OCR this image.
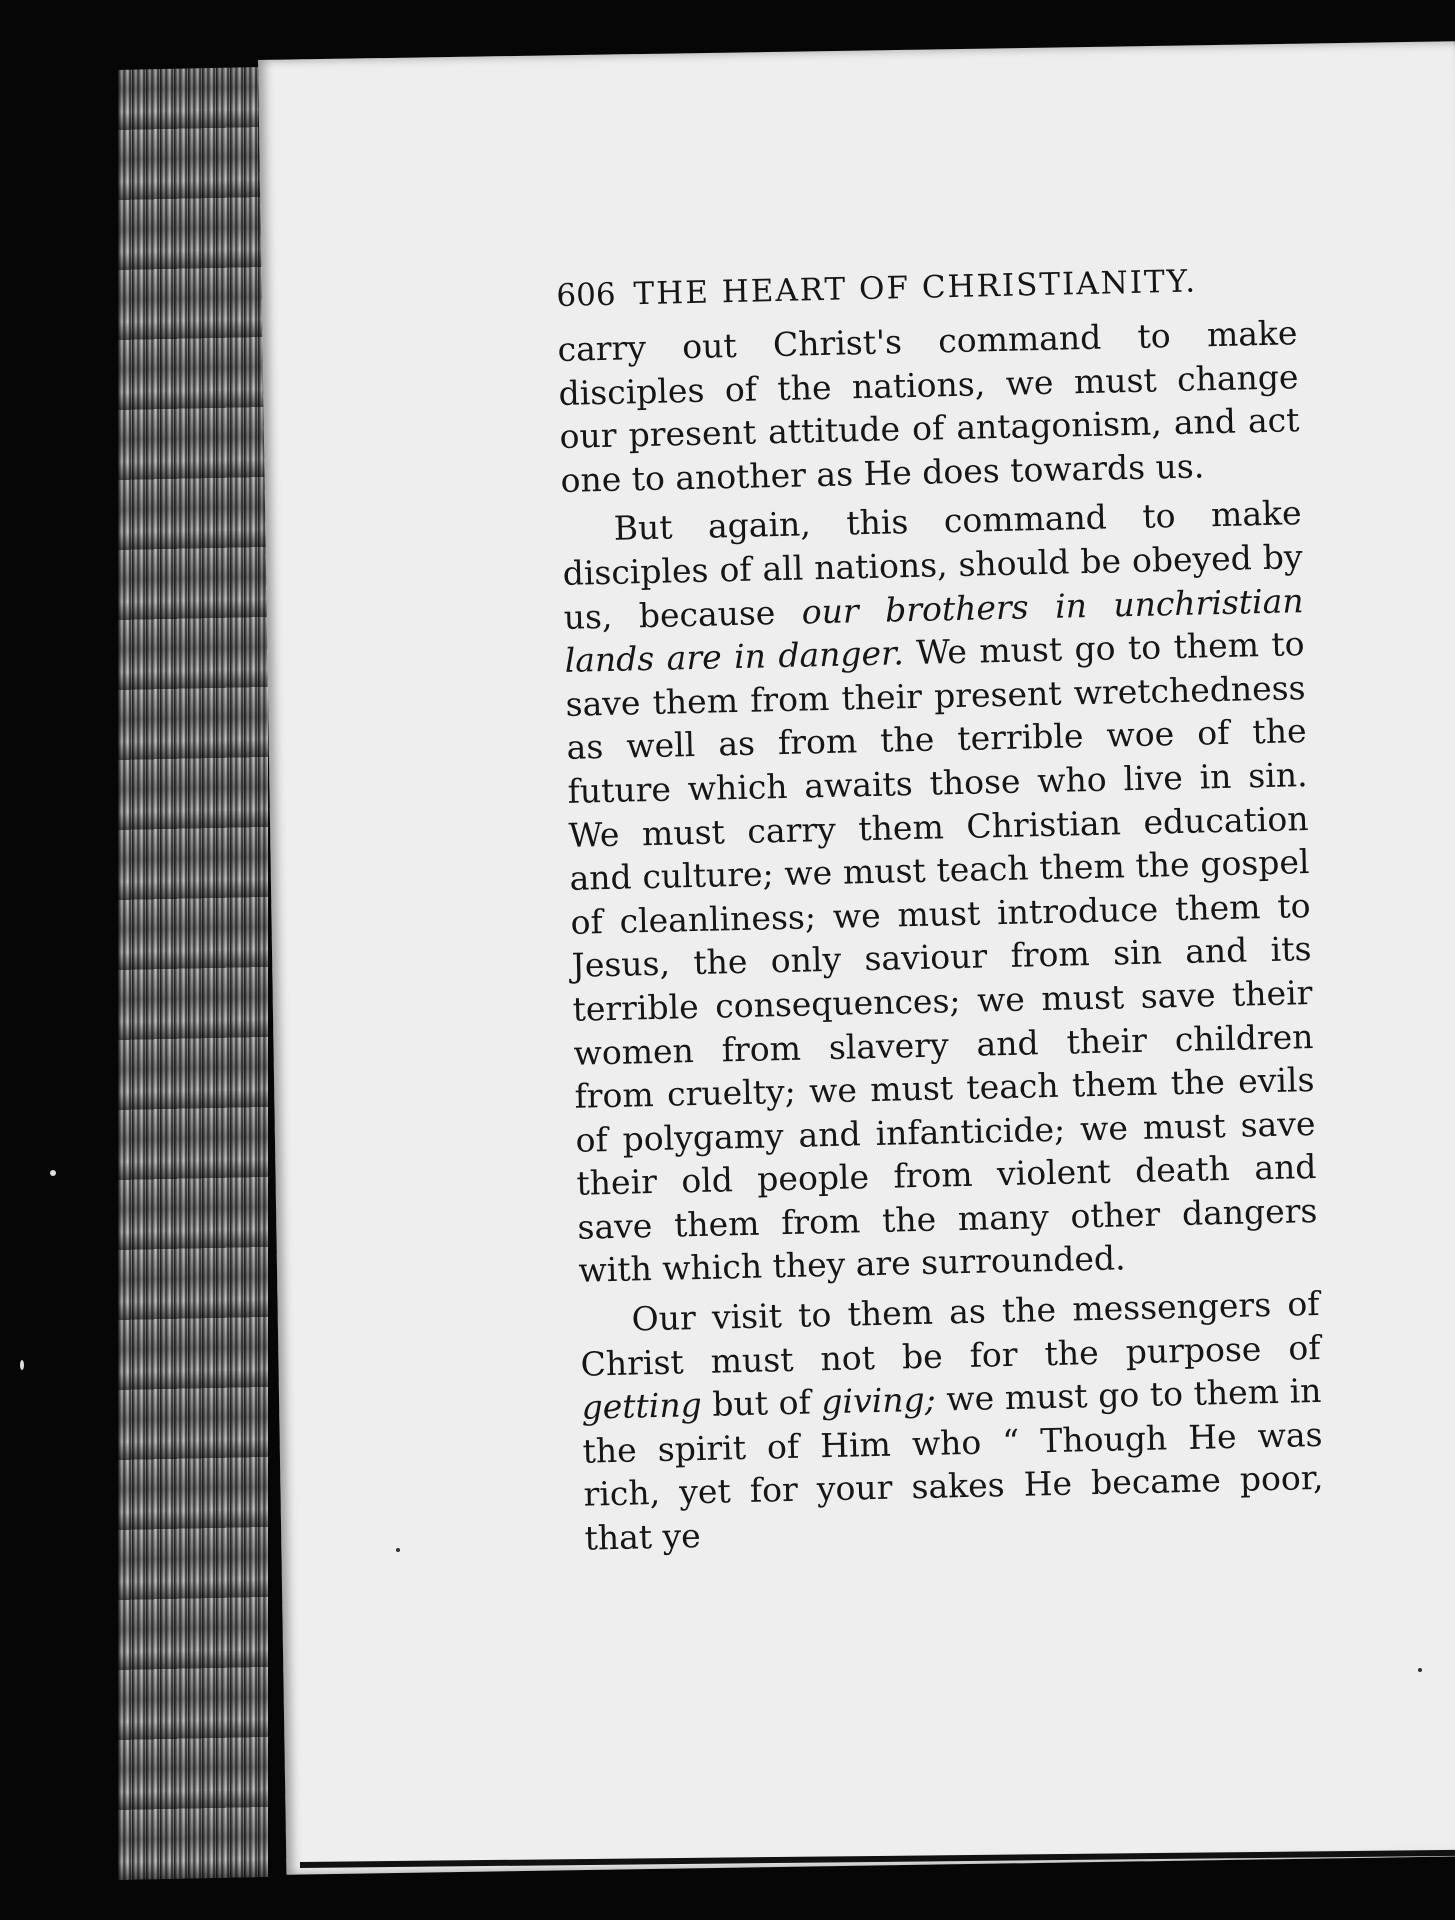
606 THE HEART OF CHRISTIANITY.

carry out Christ's command to make disciples of the nations, we must change our present attitude of antagonism, and act one to another as He does towards us.

But again, this command to make disciples of all nations, should be obeyed by us, because our brothers in unchristian lands are in danger. We must go to them to save them from their present wretchedness as well as from the terrible woe of the future which awaits those who live in sin. We must carry them Christian education and culture; we must teach them the gospel of cleanliness; we must introduce them to Jesus, the only saviour from sin and its terrible consequences; we must save their women from slavery and their children from cruelty; we must teach them the evils of polygamy and infanticide; we must save their old people from violent death and save them from the many other dangers with which they are surrounded.

Our visit to them as the messengers of Christ must not be for the purpose of getting but of giving; we must go to them in the spirit of Him who “ Though He was rich, yet for your sakes He became poor, that ye
